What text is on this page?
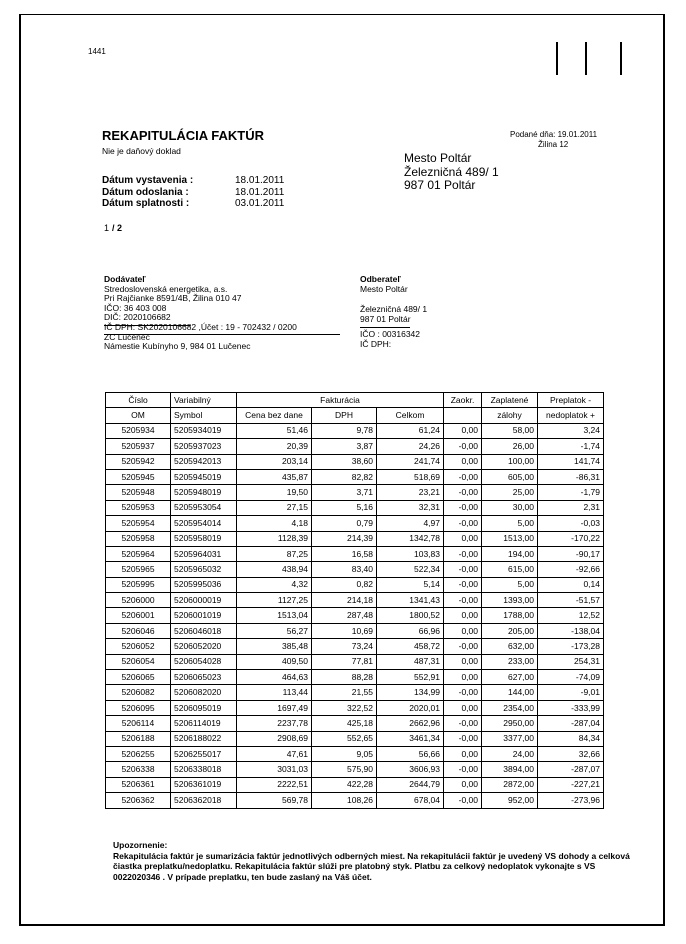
1441
REKAPITULÁCIA FAKTÚR
Nie je daňový doklad
Podané dňa: 19.01.2011
Žilina 12
Mesto Poltár
Železničná 489/ 1
987 01 Poltár
Dátum vystavenia :	18.01.2011
Dátum odoslania :	18.01.2011
Dátum splatnosti :	03.01.2011
1 / 2
Dodávateľ
Stredoslovenská energetika, a.s.
Pri Rajčianke 8591/4B, Žilina 010 47
IČO: 36 403 008
DIČ: 2020106682
IČ DPH: SK2020106682 ,Účet : 19 - 702432 / 0200
ZC Lučenec
Námestie Kubínyho 9, 984 01 Lučenec
Odberateľ
Mesto Poltár
Železničná 489/ 1
987 01 Poltár
IČO : 00316342
IČ DPH:
Číslo	Variabilný	Fakturácia			Zaokr.	Zaplatené	Preplatok -
OM	Symbol	Cena bez dane	DPH	Celkom		zálohy	nedoplatok +
5205934	5205934019	51,46	9,78	61,24	0,00	58,00	3,24
5205937	5205937023	20,39	3,87	24,26	-0,00	26,00	-1,74
5205942	5205942013	203,14	38,60	241,74	0,00	100,00	141,74
5205945	5205945019	435,87	82,82	518,69	-0,00	605,00	-86,31
5205948	5205948019	19,50	3,71	23,21	-0,00	25,00	-1,79
5205953	5205953054	27,15	5,16	32,31	-0,00	30,00	2,31
5205954	5205954014	4,18	0,79	4,97	-0,00	5,00	-0,03
5205958	5205958019	1128,39	214,39	1342,78	0,00	1513,00	-170,22
5205964	5205964031	87,25	16,58	103,83	-0,00	194,00	-90,17
5205965	5205965032	438,94	83,40	522,34	-0,00	615,00	-92,66
5205995	5205995036	4,32	0,82	5,14	-0,00	5,00	0,14
5206000	5206000019	1127,25	214,18	1341,43	-0,00	1393,00	-51,57
5206001	5206001019	1513,04	287,48	1800,52	0,00	1788,00	12,52
5206046	5206046018	56,27	10,69	66,96	0,00	205,00	-138,04
5206052	5206052020	385,48	73,24	458,72	-0,00	632,00	-173,28
5206054	5206054028	409,50	77,81	487,31	0,00	233,00	254,31
5206065	5206065023	464,63	88,28	552,91	0,00	627,00	-74,09
5206082	5206082020	113,44	21,55	134,99	-0,00	144,00	-9,01
5206095	5206095019	1697,49	322,52	2020,01	0,00	2354,00	-333,99
5206114	5206114019	2237,78	425,18	2662,96	-0,00	2950,00	-287,04
5206188	5206188022	2908,69	552,65	3461,34	-0,00	3377,00	84,34
5206255	5206255017	47,61	9,05	56,66	0,00	24,00	32,66
5206338	5206338018	3031,03	575,90	3606,93	-0,00	3894,00	-287,07
5206361	5206361019	2222,51	422,28	2644,79	0,00	2872,00	-227,21
5206362	5206362018	569,78	108,26	678,04	-0,00	952,00	-273,96
Upozornenie:
Rekapitulácia faktúr je sumarizácia faktúr jednotlivých odberných miest. Na rekapitulácii faktúr je uvedený VS dohody a celková čiastka preplatku/nedoplatku. Rekapitulácia faktúr slúži pre platobný styk. Platbu za celkový nedoplatok vykonajte s VS 0022020346 . V prípade preplatku, ten bude zaslaný na Váš účet.
